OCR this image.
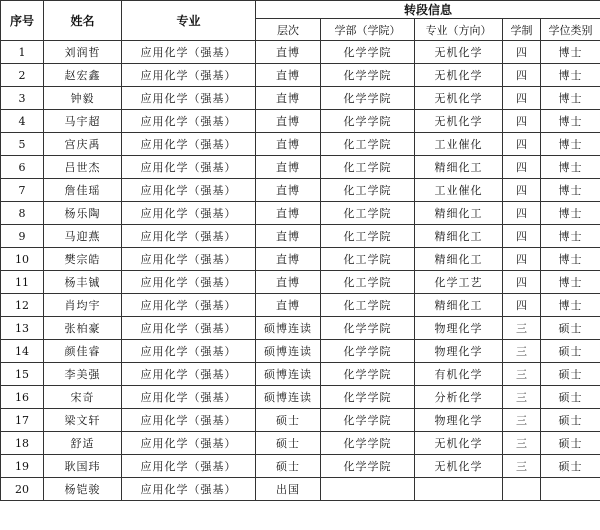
序号	姓名	专业	转段信息				
			层次	学部（学院）	专业（方向）	学制	学位类别
1	刘润哲	应用化学（强基）	直博	化学学院	无机化学	四	博士
2	赵宏鑫	应用化学（强基）	直博	化学学院	无机化学	四	博士
3	钟毅	应用化学（强基）	直博	化学学院	无机化学	四	博士
4	马宇超	应用化学（强基）	直博	化学学院	无机化学	四	博士
5	宫庆禹	应用化学（强基）	直博	化工学院	工业催化	四	博士
6	吕世杰	应用化学（强基）	直博	化工学院	精细化工	四	博士
7	詹佳瑶	应用化学（强基）	直博	化工学院	工业催化	四	博士
8	杨乐陶	应用化学（强基）	直博	化工学院	精细化工	四	博士
9	马迎燕	应用化学（强基）	直博	化工学院	精细化工	四	博士
10	樊宗皓	应用化学（强基）	直博	化工学院	精细化工	四	博士
11	杨丰铖	应用化学（强基）	直博	化工学院	化学工艺	四	博士
12	肖均宇	应用化学（强基）	直博	化工学院	精细化工	四	博士
13	张柏豪	应用化学（强基）	硕博连读	化学学院	物理化学	三	硕士
14	颜佳睿	应用化学（强基）	硕博连读	化学学院	物理化学	三	硕士
15	李美强	应用化学（强基）	硕博连读	化学学院	有机化学	三	硕士
16	宋奇	应用化学（强基）	硕博连读	化学学院	分析化学	三	硕士
17	梁文轩	应用化学（强基）	硕士	化学学院	物理化学	三	硕士
18	舒适	应用化学（强基）	硕士	化学学院	无机化学	三	硕士
19	耿国玮	应用化学（强基）	硕士	化学学院	无机化学	三	硕士
20	杨铠骏	应用化学（强基）	出国				
